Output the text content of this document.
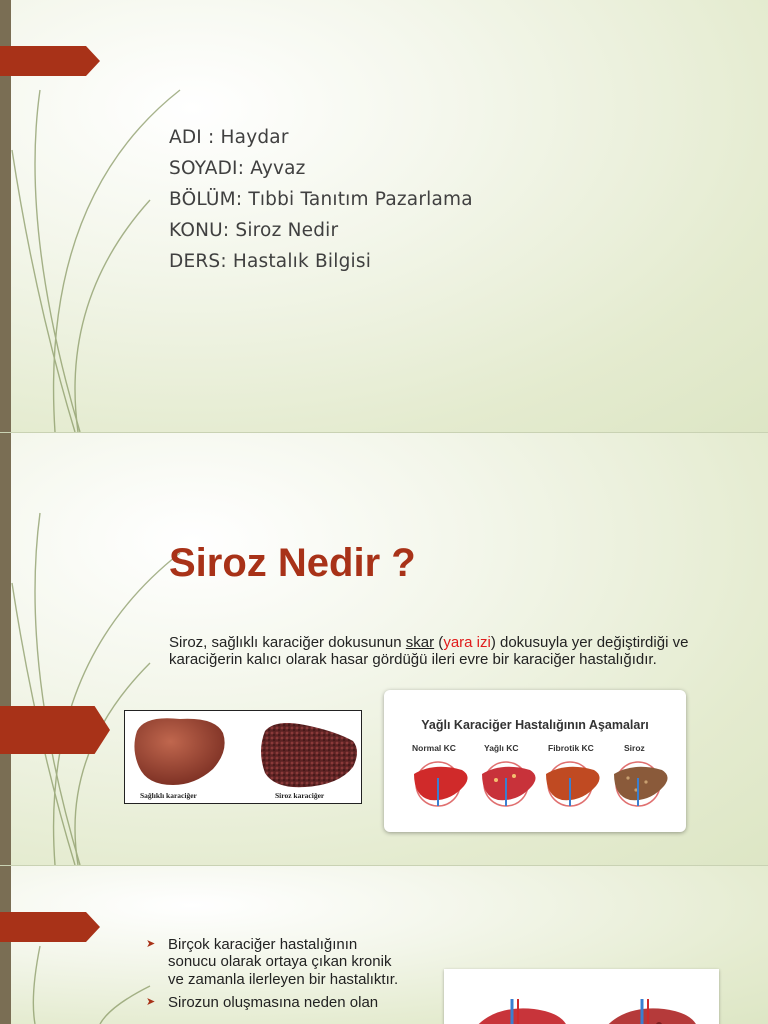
ADI : Haydar
SOYADI: Ayvaz
BÖLÜM: Tıbbi Tanıtım Pazarlama
KONU: Siroz Nedir
DERS: Hastalık Bilgisi
Siroz Nedir ?
Siroz, sağlıklı karaciğer dokusunun skar (yara izi) dokusuyla yer değiştirdiği ve karaciğerin kalıcı olarak hasar gördüğü ileri evre bir karaciğer hastalığıdır.
Sağlıklı karaciğer	Siroz karaciğer
Yağlı Karaciğer Hastalığının Aşamaları
Normal KC	Yağlı KC	Fibrotik KC	Siroz
➤ Birçok karaciğer hastalığının sonucu olarak ortaya çıkan kronik ve zamanla ilerleyen bir hastalıktır.
➤ Sirozun oluşmasına neden olan
